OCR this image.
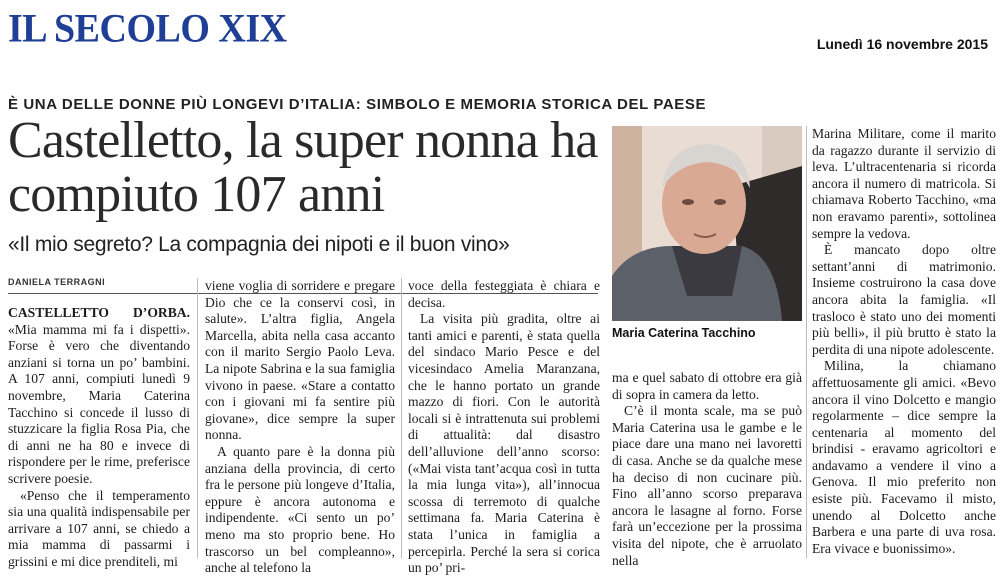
IL SECOLO XIX	Lunedì 16 novembre 2015
È UNA DELLE DONNE PIÙ LONGEVI D’ITALIA: SIMBOLO E MEMORIA STORICA DEL PAESE
Castelletto, la super nonna ha compiuto 107 anni
«Il mio segreto? La compagnia dei nipoti e il buon vino»
DANIELA TERRAGNI

CASTELLETTO D’ORBA. «Mia mamma mi fa i dispetti». Forse è vero che diventando anziani si torna un po’ bambini. A 107 anni, compiuti lunedì 9 novembre, Maria Caterina Tacchino si concede il lusso di stuzzicare la figlia Rosa Pia, che di anni ne ha 80 e invece di rispondere per le rime, preferisce scrivere poesie.

«Penso che il temperamento sia una qualità indispensabile per arrivare a 107 anni, se chiedo a mia mamma di passarmi i grissini e mi dice prenditeli, mi

viene voglia di sorridere e pregare Dio che ce la conservi così, in salute». L’altra figlia, Angela Marcella, abita nella casa accanto con il marito Sergio Paolo Leva. La nipote Sabrina e la sua famiglia vivono in paese. «Stare a contatto con i giovani mi fa sentire più giovane», dice sempre la super nonna.

A quanto pare è la donna più anziana della provincia, di certo fra le persone più longeve d’Italia, eppure è ancora autonoma e indipendente. «Ci sento un po’ meno ma sto proprio bene. Ho trascorso un bel compleanno», anche al telefono la

voce della festeggiata è chiara e decisa.

La visita più gradita, oltre ai tanti amici e parenti, è stata quella del sindaco Mario Pesce e del vicesindaco Amelia Maranzana, che le hanno portato un grande mazzo di fiori. Con le autorità locali si è intrattenuta sui problemi di attualità: dal disastro dell’alluvione dell’anno scorso: («Mai vista tant’acqua così in tutta la mia lunga vita»), all’innocua scossa di terremoto di qualche settimana fa. Maria Caterina è stata l’unica in famiglia a percepirla. Perché la sera si corica un po’ pri-

Maria Caterina Tacchino

ma e quel sabato di ottobre era già di sopra in camera da letto.

C’è il monta scale, ma se può Maria Caterina usa le gambe e le piace dare una mano nei lavoretti di casa. Anche se da qualche mese ha deciso di non cucinare più. Fino all’anno scorso preparava ancora le lasagne al forno. Forse farà un’eccezione per la prossima visita del nipote, che è arruolato nella

Marina Militare, come il marito da ragazzo durante il servizio di leva. L’ultracentenaria si ricorda ancora il numero di matricola. Si chiamava Roberto Tacchino, «ma non eravamo parenti», sottolinea sempre la vedova.

È mancato dopo oltre settant’anni di matrimonio. Insieme costruirono la casa dove ancora abita la famiglia. «Il trasloco è stato uno dei momenti più belli», il più brutto è stato la perdita di una nipote adolescente.

Milina, la chiamano affettuosamente gli amici. «Bevo ancora il vino Dolcetto e mangio regolarmente – dice sempre la centenaria al momento del brindisi - eravamo agricoltori e andavamo a vendere il vino a Genova. Il mio preferito non esiste più. Facevamo il misto, unendo al Dolcetto anche Barbera e una parte di uva rosa. Era vivace e buonissimo».
